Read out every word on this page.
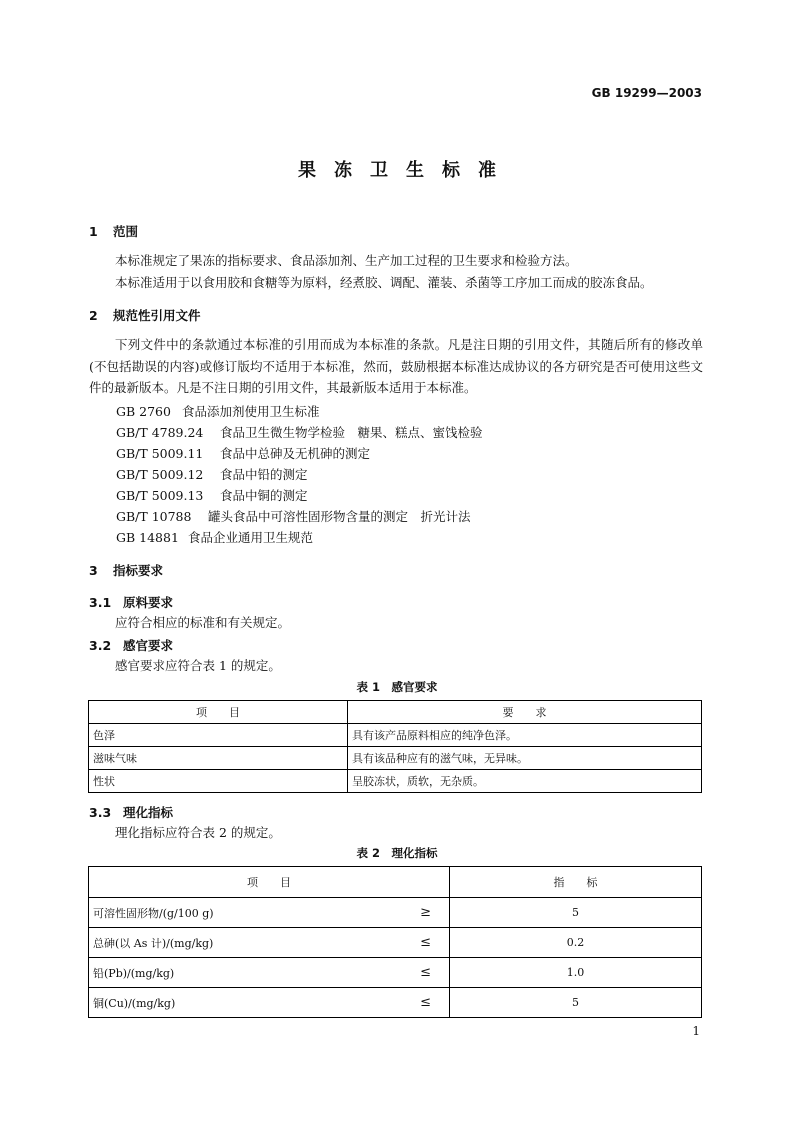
GB 19299—2003
果冻卫生标准
1 范围
本标准规定了果冻的指标要求、食品添加剂、生产加工过程的卫生要求和检验方法。
本标准适用于以食用胶和食糖等为原料，经煮胶、调配、灌装、杀菌等工序加工而成的胶冻食品。
2 规范性引用文件
下列文件中的条款通过本标准的引用而成为本标准的条款。凡是注日期的引用文件，其随后所有的修改单(不包括勘误的内容)或修订版均不适用于本标准，然而，鼓励根据本标准达成协议的各方研究是否可使用这些文件的最新版本。凡是不注日期的引用文件，其最新版本适用于本标准。
GB 2760 食品添加剂使用卫生标准
GB/T 4789.24 食品卫生微生物学检验　糖果、糕点、蜜饯检验
GB/T 5009.11 食品中总砷及无机砷的测定
GB/T 5009.12 食品中铅的测定
GB/T 5009.13 食品中铜的测定
GB/T 10788 罐头食品中可溶性固形物含量的测定　折光计法
GB 14881 食品企业通用卫生规范
3 指标要求
3.1 原料要求
应符合相应的标准和有关规定。
3.2 感官要求
感官要求应符合表 1 的规定。
表 1　感官要求
项　　目	要　　求
色泽	具有该产品原料相应的纯净色泽。
滋味气味	具有该品种应有的滋气味，无异味。
性状	呈胶冻状，质软，无杂质。
3.3 理化指标
理化指标应符合表 2 的规定。
表 2　理化指标
项　　目	指　　标
可溶性固形物/(g/100 g) ≥	5
总砷(以 As 计)/(mg/kg) ≤	0.2
铅(Pb)/(mg/kg) ≤	1.0
铜(Cu)/(mg/kg) ≤	5
1
